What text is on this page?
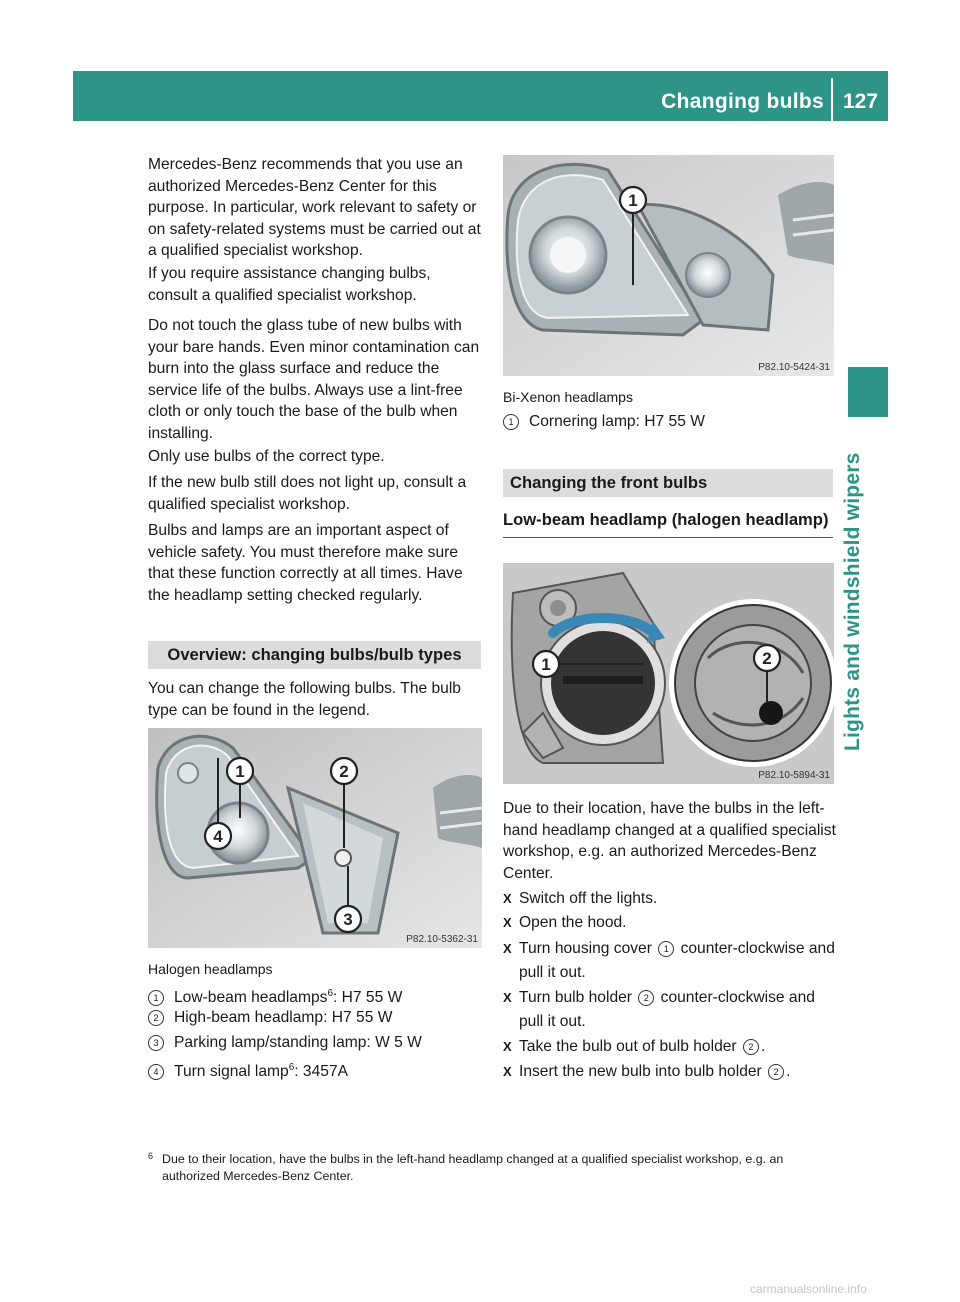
Changing bulbs 127
Lights and windshield wipers

Mercedes-Benz recommends that you use an authorized Mercedes-Benz Center for this purpose. In particular, work relevant to safety or on safety-related systems must be carried out at a qualified specialist workshop.

If you require assistance changing bulbs, consult a qualified specialist workshop.

Do not touch the glass tube of new bulbs with your bare hands. Even minor contamination can burn into the glass surface and reduce the service life of the bulbs. Always use a lint-free cloth or only touch the base of the bulb when installing.

Only use bulbs of the correct type.

If the new bulb still does not light up, consult a qualified specialist workshop.

Bulbs and lamps are an important aspect of vehicle safety. You must therefore make sure that these function correctly at all times. Have the headlamp setting checked regularly.

Overview: changing bulbs/bulb types

You can change the following bulbs. The bulb type can be found in the legend.

1	2
3
4
P82.10-5362-31
Halogen headlamps
1 Low-beam headlamps$^6$: H7 55 W
2 High-beam headlamp: H7 55 W
3 Parking lamp/standing lamp: W 5 W
4 Turn signal lamp$^6$: 3457A
1
P82.10-5424-31
Bi-Xenon headlamps
1 Cornering lamp: H7 55 W
Changing the front bulbs
Low-beam headlamp (halogen headlamp)
1	2
P82.10-5894-31

Due to their location, have the bulbs in the left-hand headlamp changed at a qualified specialist workshop, e.g. an authorized Mercedes-Benz Center.

X Switch off the lights.
X Open the hood.
X Turn housing cover 1 counter-clockwise and pull it out.
X Turn bulb holder 2 counter-clockwise and pull it out.
X Take the bulb out of bulb holder 2 .
X Insert the new bulb into bulb holder 2 .
6 Due to their location, have the bulbs in the left-hand headlamp changed at a qualified specialist workshop, e.g. an authorized Mercedes-Benz Center.
carmanualsonline.info
